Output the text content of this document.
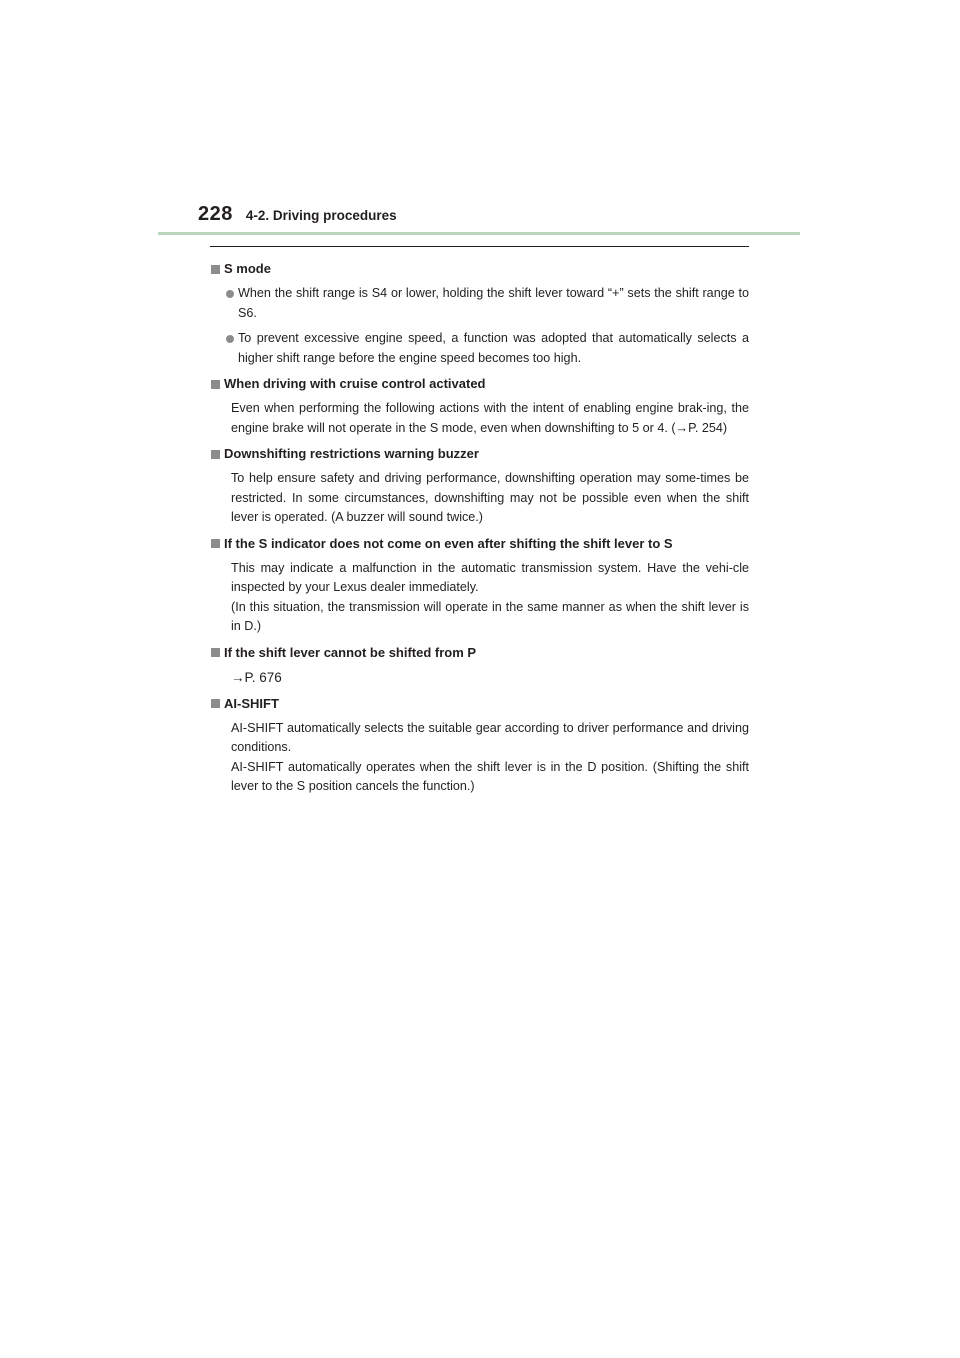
228 4-2. Driving procedures
S mode
When the shift range is S4 or lower, holding the shift lever toward “+” sets the shift range to S6.
To prevent excessive engine speed, a function was adopted that automatically selects a higher shift range before the engine speed becomes too high.
When driving with cruise control activated

Even when performing the following actions with the intent of enabling engine brak-ing, the engine brake will not operate in the S mode, even when downshifting to 5 or 4. (→P. 254)

Downshifting restrictions warning buzzer

To help ensure safety and driving performance, downshifting operation may some-times be restricted. In some circumstances, downshifting may not be possible even when the shift lever is operated. (A buzzer will sound twice.)

If the S indicator does not come on even after shifting the shift lever to S

This may indicate a malfunction in the automatic transmission system. Have the vehi-cle inspected by your Lexus dealer immediately.

(In this situation, the transmission will operate in the same manner as when the shift lever is in D.)

If the shift lever cannot be shifted from P
→P. 676
AI-SHIFT

AI-SHIFT automatically selects the suitable gear according to driver performance and driving conditions.

AI-SHIFT automatically operates when the shift lever is in the D position. (Shifting the shift lever to the S position cancels the function.)
